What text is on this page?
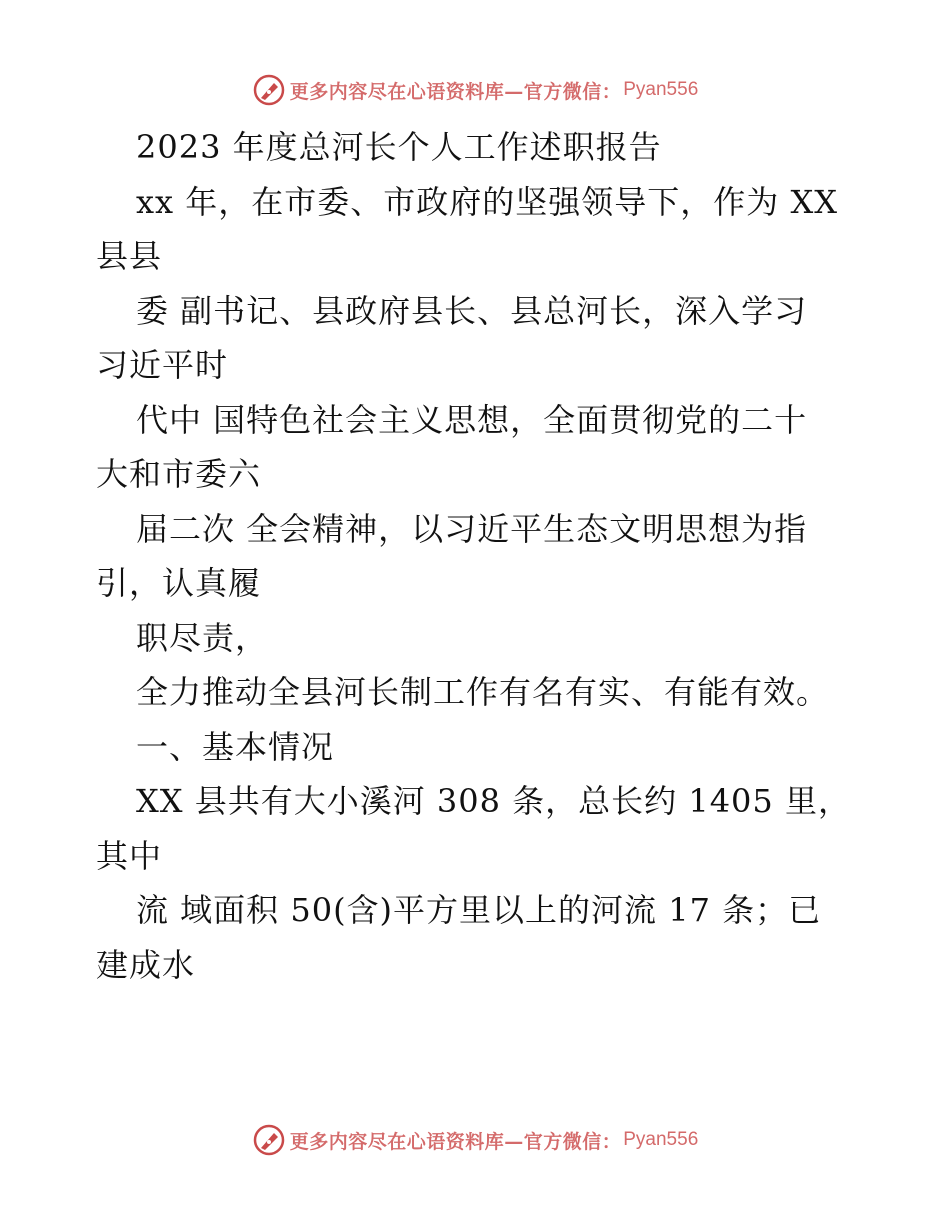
更多内容尽在心语资料库—官方微信： Pyan556
2023 年度总河长个人工作述职报告
xx 年，在市委、市政府的坚强领导下，作为 XX
县县
委 副书记、县政府县长、县总河长，深入学习
习近平时
代中 国特色社会主义思想，全面贯彻党的二十
大和市委六
届二次 全会精神，以习近平生态文明思想为指
引，认真履
职尽责，
全力推动全县河长制工作有名有实、有能有效。
一、基本情况
XX 县共有大小溪河 308 条，总长约 1405 里，
其中
流 域面积 50(含)平方里以上的河流 17 条；已
建成水
更多内容尽在心语资料库—官方微信： Pyan556
